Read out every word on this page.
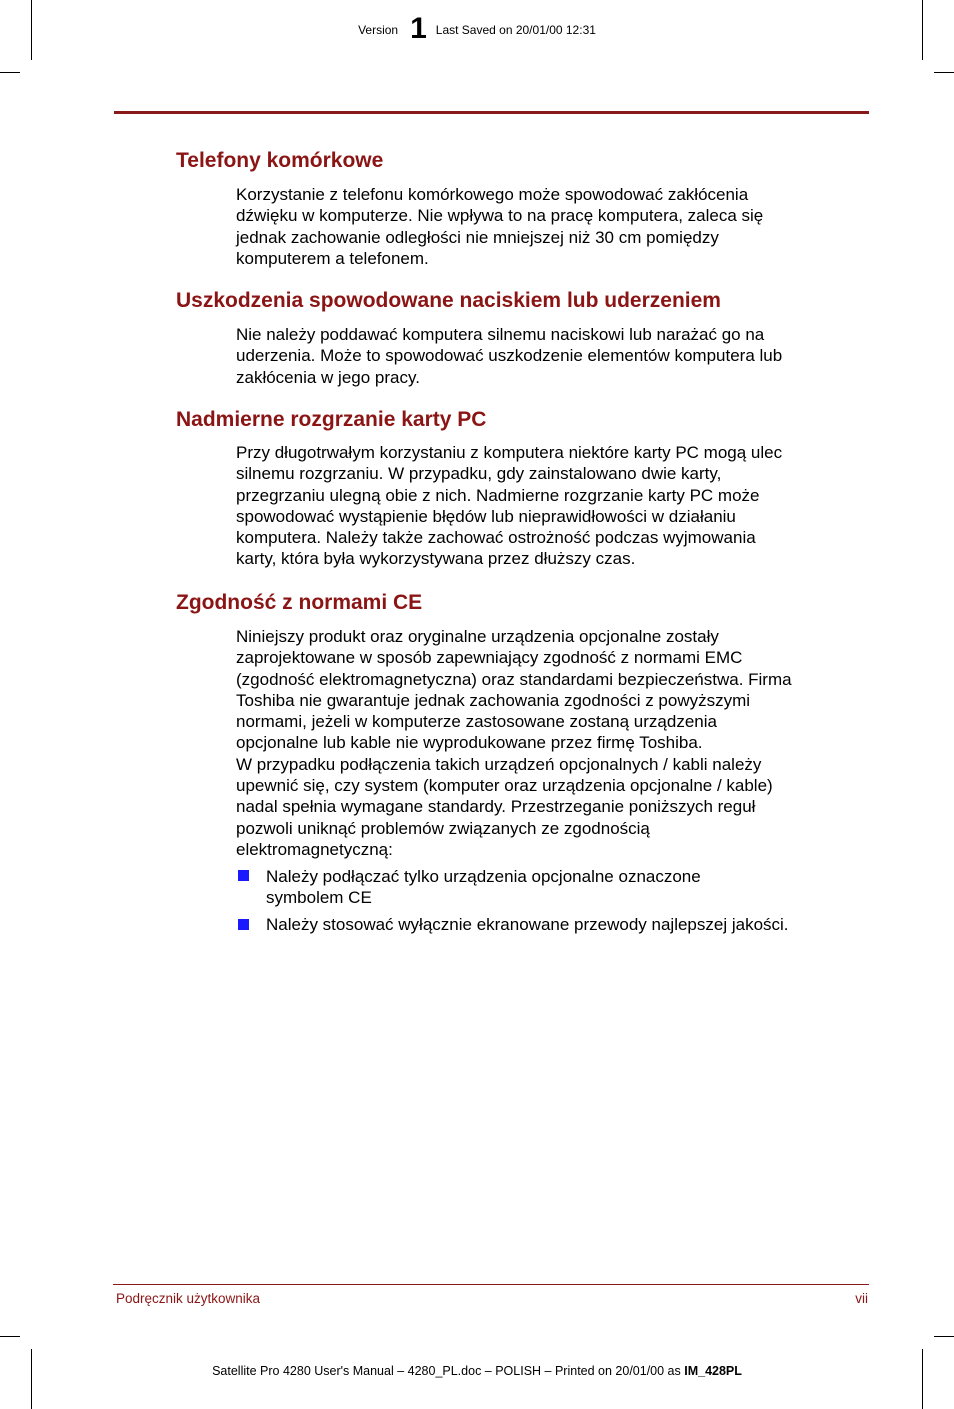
Version 1 Last Saved on 20/01/00 12:31
Telefony komórkowe

Korzystanie z telefonu komórkowego może spowodować zakłócenia
dźwięku w komputerze. Nie wpływa to na pracę komputera, zaleca się
jednak zachowanie odległości nie mniejszej niż 30 cm pomiędzy
komputerem a telefonem.

Uszkodzenia spowodowane naciskiem lub uderzeniem

Nie należy poddawać komputera silnemu naciskowi lub narażać go na
uderzenia. Może to spowodować uszkodzenie elementów komputera lub
zakłócenia w jego pracy.

Nadmierne rozgrzanie karty PC

Przy długotrwałym korzystaniu z komputera niektóre karty PC mogą ulec
silnemu rozgrzaniu. W przypadku, gdy zainstalowano dwie karty,
przegrzaniu ulegną obie z nich. Nadmierne rozgrzanie karty PC może
spowodować wystąpienie błędów lub nieprawidłowości w działaniu
komputera. Należy także zachować ostrożność podczas wyjmowania
karty, która była wykorzystywana przez dłuższy czas.

Zgodność z normami CE

Niniejszy produkt oraz oryginalne urządzenia opcjonalne zostały
zaprojektowane w sposób zapewniający zgodność z normami EMC
(zgodność elektromagnetyczna) oraz standardami bezpieczeństwa. Firma
Toshiba nie gwarantuje jednak zachowania zgodności z powyższymi
normami, jeżeli w komputerze zastosowane zostaną urządzenia
opcjonalne lub kable nie wyprodukowane przez firmę Toshiba.
W przypadku podłączenia takich urządzeń opcjonalnych / kabli należy
upewnić się, czy system (komputer oraz urządzenia opcjonalne / kable)
nadal spełnia wymagane standardy. Przestrzeganie poniższych reguł
pozwoli uniknąć problemów związanych ze zgodnością
elektromagnetyczną:

Należy podłączać tylko urządzenia opcjonalne oznaczone
symbolem CE

Należy stosować wyłącznie ekranowane przewody najlepszej jakości.

Podręcznik użytkownika	vii
Satellite Pro 4280 User's Manual – 4280_PL.doc – POLISH – Printed on 20/01/00 as IM_428PL
